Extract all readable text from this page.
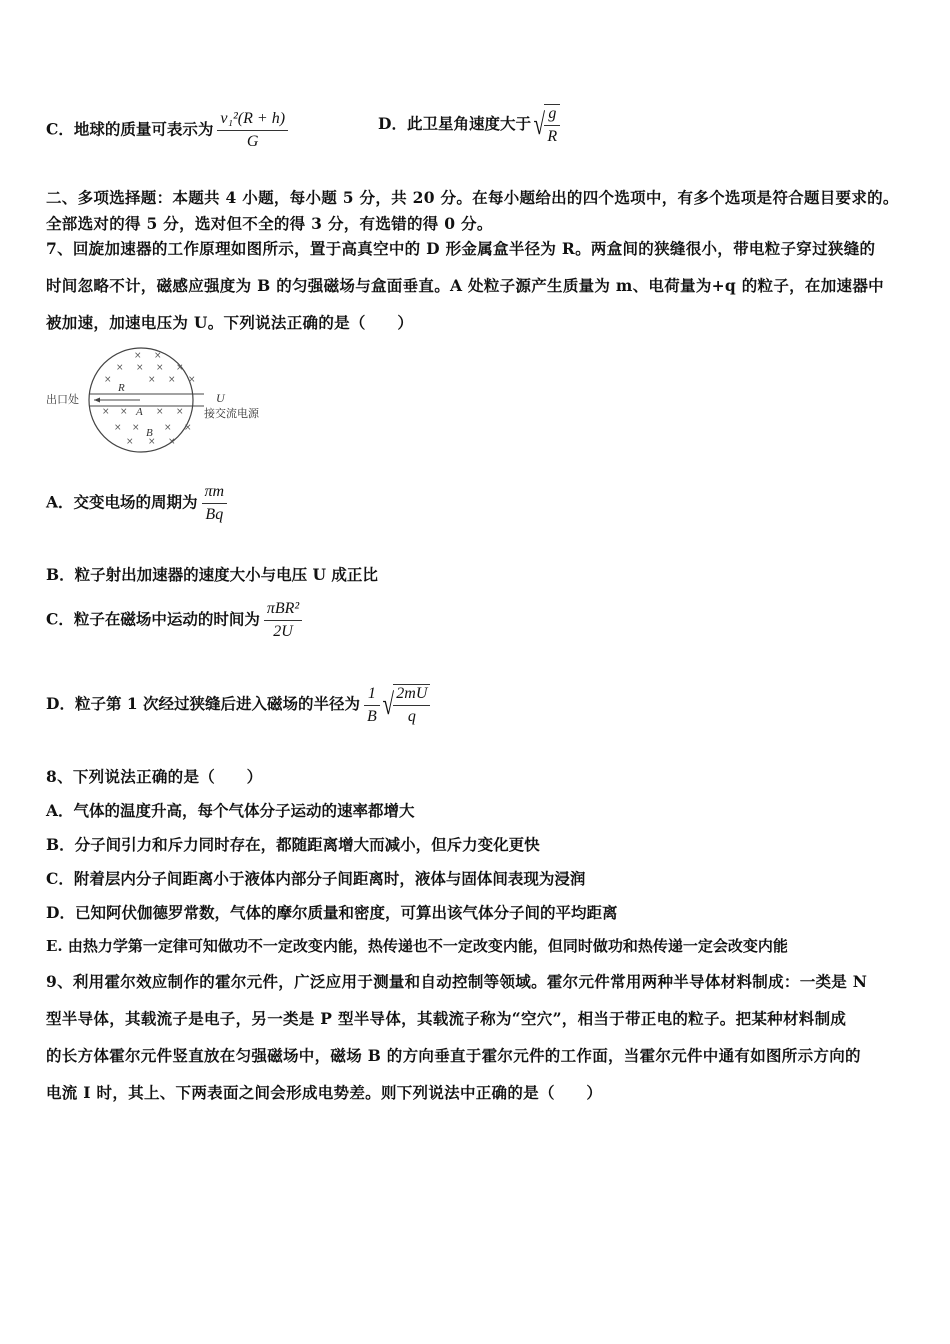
C．地球的质量可表示为 $\frac{\text{v₁²(R + h)}}{G}$	D．此卫星角速度大于√ $\frac{g}{R}$
二、多项选择题：本题共 4 小题，每小题 5 分，共 20 分。在每小题给出的四个选项中，有多个选项是符合题目要求的。
全部选对的得 5 分，选对但不全的得 3 分，有选错的得 0 分。
7、回旋加速器的工作原理如图所示，置于高真空中的 D 形金属盒半径为 R。两盒间的狭缝很小，带电粒子穿过狭缝的
时间忽略不计，磁感应强度为 B 的匀强磁场与盒面垂直。A 处粒子源产生质量为 m、电荷量为+q 的粒子，在加速器中
被加速，加速电压为 U。下列说法正确的是（　　）
出口处	U
接交流电源
R
A
B
× ×
× × × ×
×	× × ×
× ×	× ×
× ×	× ×
× × ×
A．交变电场的周期为 $\frac{\pi m}{Bq}$
B．粒子射出加速器的速度大小与电压 U 成正比
C．粒子在磁场中运动的时间为
πBR²
2U
D．粒子第 1 次经过狭缝后进入磁场的半径为 $\frac{1}{B}$ √ $\frac{2mU}{q}$
8、下列说法正确的是（　　）
A．气体的温度升高，每个气体分子运动的速率都增大
B．分子间引力和斥力同时存在，都随距离增大而减小，但斥力变化更快
C．附着层内分子间距离小于液体内部分子间距离时，液体与固体间表现为浸润
D．已知阿伏伽德罗常数，气体的摩尔质量和密度，可算出该气体分子间的平均距离
E. 由热力学第一定律可知做功不一定改变内能，热传递也不一定改变内能，但同时做功和热传递一定会改变内能
9、利用霍尔效应制作的霍尔元件，广泛应用于测量和自动控制等领域。霍尔元件常用两种半导体材料制成：一类是 N
型半导体，其载流子是电子，另一类是 P 型半导体，其载流子称为“空穴”，相当于带正电的粒子。把某种材料制成
的长方体霍尔元件竖直放在匀强磁场中，磁场 B 的方向垂直于霍尔元件的工作面，当霍尔元件中通有如图所示方向的
电流 I 时，其上、下两表面之间会形成电势差。则下列说法中正确的是（　　）
